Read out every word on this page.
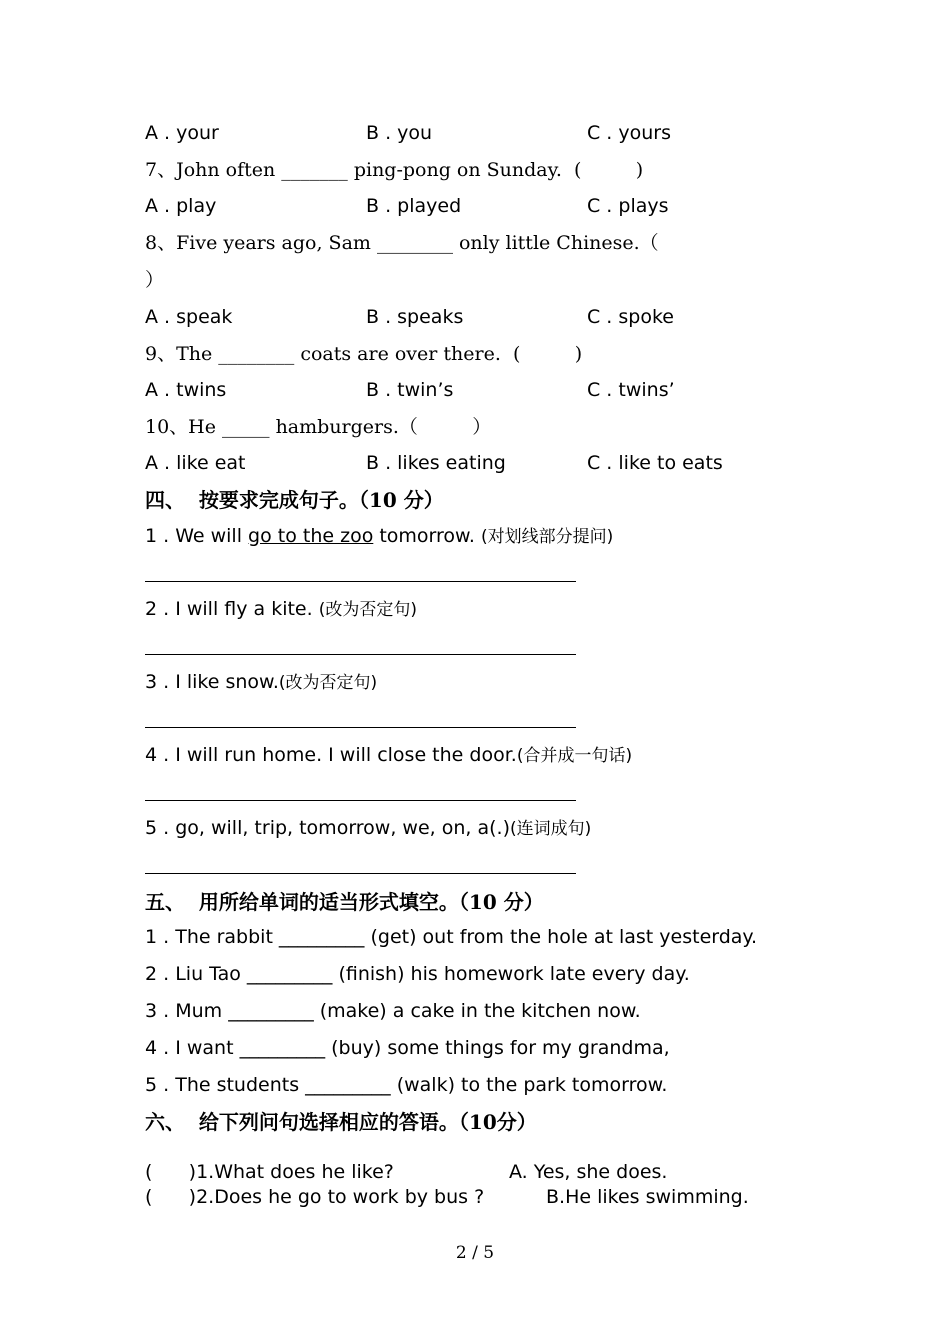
A . your	B . you	C . yours
7、John often _______ ping-pong on Sunday.  (         )
A . play	B . played	C . plays
8、Five years ago, Sam ________ only little Chinese.（
）
A . speak	B . speaks	C . spoke
9、The ________ coats are over there.  (         )
A . twins	B . twin’s	C . twins’
10、He _____ hamburgers.（         ）
A . like eat	B . likes eating	C . like to eats
四、  按要求完成句子。（10 分）
1 . We will go to the zoo tomorrow. (对划线部分提问)
2 . I will fly a kite. (改为否定句)
3 . I like snow.(改为否定句)
4 . I will run home. I will close the door.(合并成一句话)
5 . go, will, trip, tomorrow, we, on, a(.)(连词成句)
五、  用所给单词的适当形式填空。（10 分）
1 . The rabbit _________ (get) out from the hole at last yesterday.
2 . Liu Tao _________ (finish) his homework late every day.
3 . Mum _________ (make) a cake in the kitchen now.
4 . I want _________ (buy) some things for my grandma,
5 . The students _________ (walk) to the park tomorrow.
六、  给下列问句选择相应的答语。（10分）
(      )1.What does he like?	A. Yes, she does.
(      )2.Does he go to work by bus ?	B.He likes swimming.
2 / 5
